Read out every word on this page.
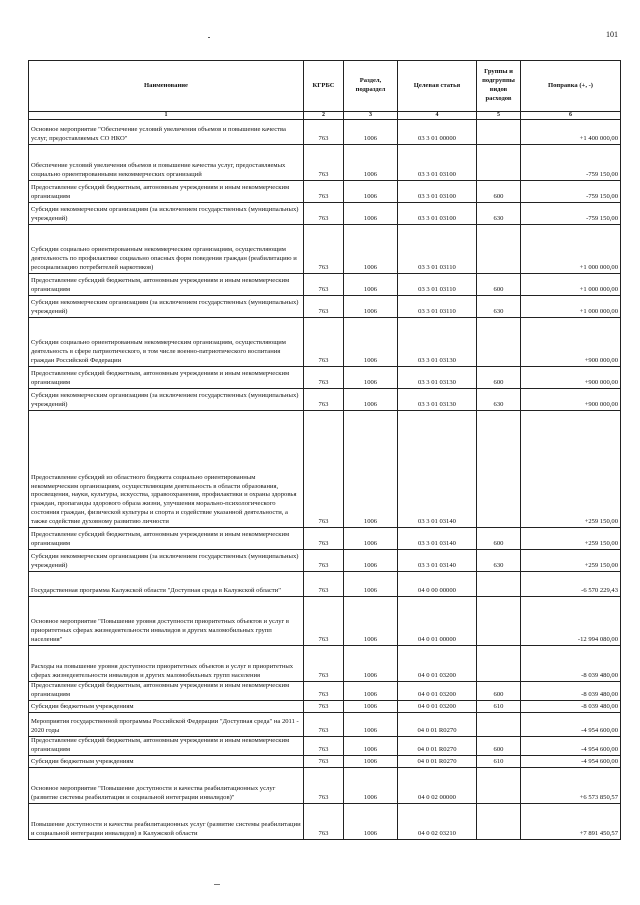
101
Наименование	КГРБС	Раздел, подраздел	Целевая статья	Группы и подгруппы видов расходов	Поправка (+, -)
1	2	3	4	5	6
Основное мероприятие "Обеспечение условий увеличения объемов и повышение качества услуг, предоставляемых СО НКО"	763	1006	03 3 01 00000		+1 400 000,00
Обеспечение условий увеличения объемов и повышение качества услуг, предоставляемых социально ориентированными некоммерческих организаций	763	1006	03 3 01 03100		-759 150,00
Предоставление субсидий бюджетным, автономным учреждениям и иным некоммерческим организациям	763	1006	03 3 01 03100	600	-759 150,00
Субсидии некоммерческим организациям (за исключением государственных (муниципальных) учреждений)	763	1006	03 3 01 03100	630	-759 150,00
Субсидии социально ориентированным некоммерческим организациям, осуществляющим деятельность по профилактике социально опасных форм поведения граждан (реабилитацию и ресоциализацию потребителей наркотиков)	763	1006	03 3 01 03110		+1 000 000,00
Предоставление субсидий бюджетным, автономным учреждениям и иным некоммерческим организациям	763	1006	03 3 01 03110	600	+1 000 000,00
Субсидии некоммерческим организациям (за исключением государственных (муниципальных) учреждений)	763	1006	03 3 01 03110	630	+1 000 000,00
Субсидии социально ориентированным некоммерческим организациям, осуществляющим деятельность в сфере патриотического, в том числе военно-патриотического воспитания граждан Российской Федерации	763	1006	03 3 01 03130		+900 000,00
Предоставление субсидий бюджетным, автономным учреждениям и иным некоммерческим организациям	763	1006	03 3 01 03130	600	+900 000,00
Субсидии некоммерческим организациям (за исключением государственных (муниципальных) учреждений)	763	1006	03 3 01 03130	630	+900 000,00
Предоставление субсидий из областного бюджета социально ориентированным некоммерческим организациям, осуществляющим деятельность в области образования, просвещения, науки, культуры, искусства, здравоохранения, профилактики и охраны здоровья граждан, пропаганды здорового образа жизни, улучшения морально-психологического состояния граждан, физической культуры и спорта и содействие указанной деятельности, а также содействие духовному развитию личности	763	1006	03 3 01 03140		+259 150,00
Предоставление субсидий бюджетным, автономным учреждениям и иным некоммерческим организациям	763	1006	03 3 01 03140	600	+259 150,00
Субсидии некоммерческим организациям (за исключением государственных (муниципальных) учреждений)	763	1006	03 3 01 03140	630	+259 150,00
Государственная программа Калужской области "Доступная среда в Калужской области"	763	1006	04 0 00 00000		-6 570 229,43
Основное мероприятие "Повышение уровня доступности приоритетных объектов и услуг в приоритетных сферах жизнедеятельности инвалидов и других маломобильных групп населения"	763	1006	04 0 01 00000		-12 994 080,00
Расходы на повышение уровня доступности приоритетных объектов и услуг в приоритетных сферах жизнедеятельности инвалидов и других маломобильных групп населения	763	1006	04 0 01 03200		-8 039 480,00
Предоставление субсидий бюджетным, автономным учреждениям и иным некоммерческим организациям	763	1006	04 0 01 03200	600	-8 039 480,00
Субсидии бюджетным учреждениям	763	1006	04 0 01 03200	610	-8 039 480,00
Мероприятия государственной программы Российской Федерации "Доступная среда" на 2011 - 2020 годы	763	1006	04 0 01 R0270		-4 954 600,00
Предоставление субсидий бюджетным, автономным учреждениям и иным некоммерческим организациям	763	1006	04 0 01 R0270	600	-4 954 600,00
Субсидии бюджетным учреждениям	763	1006	04 0 01 R0270	610	-4 954 600,00
Основное мероприятие "Повышение доступности и качества реабилитационных услуг (развитие системы реабилитации и социальной интеграции инвалидов)"	763	1006	04 0 02 00000		+6 573 850,57
Повышение доступности и качества реабилитационных услуг (развитие системы реабилитации и социальной интеграции инвалидов) в Калужской области	763	1006	04 0 02 03210		+7 891 450,57
